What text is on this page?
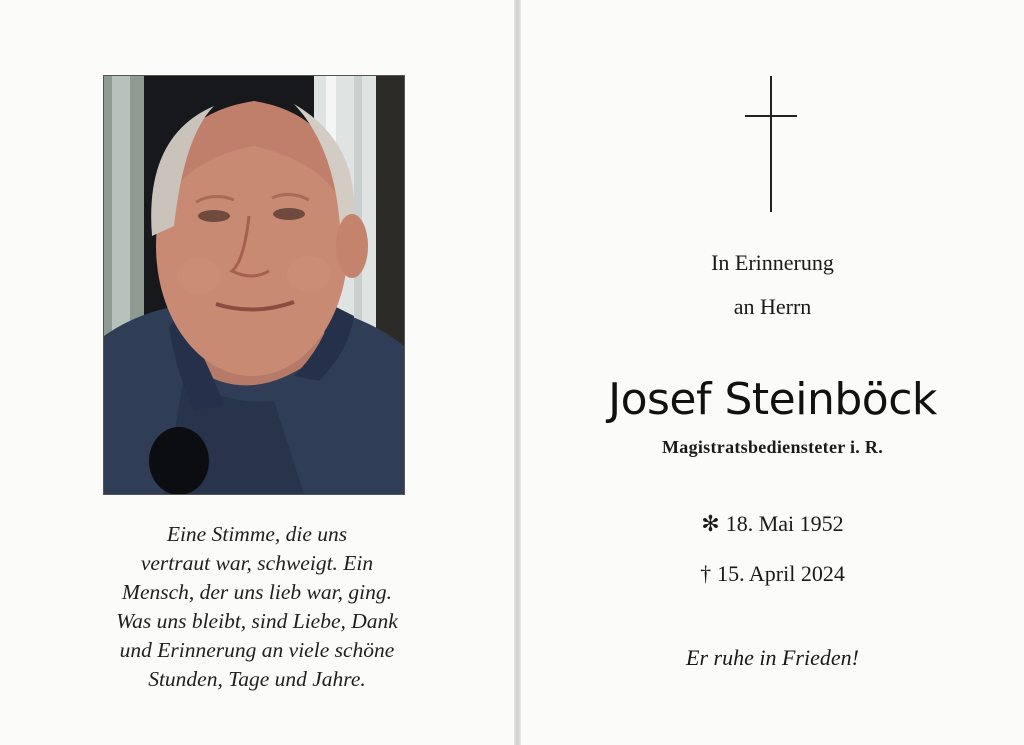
Eine Stimme, die uns
vertraut war, schweigt. Ein
Mensch, der uns lieb war, ging.
Was uns bleibt, sind Liebe, Dank
und Erinnerung an viele schöne
Stunden, Tage und Jahre.
In Erinnerung
an Herrn
Josef Steinböck
Magistratsbediensteter i. R.
✻ 18. Mai 1952
† 15. April 2024
Er ruhe in Frieden!
